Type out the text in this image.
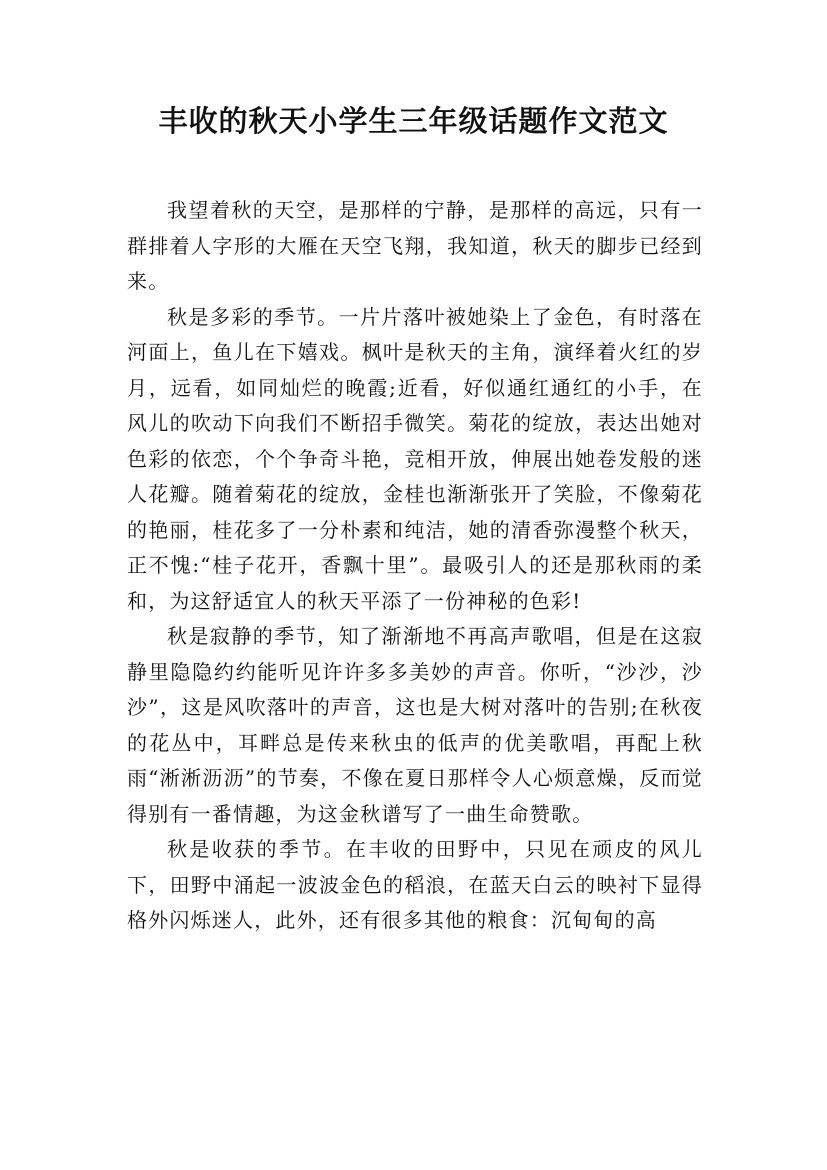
丰收的秋天小学生三年级话题作文范文

我望着秋的天空，是那样的宁静，是那样的高远，只有一群排着人字形的大雁在天空飞翔，我知道，秋天的脚步已经到来。

秋是多彩的季节。一片片落叶被她染上了金色，有时落在河面上，鱼儿在下嬉戏。枫叶是秋天的主角，演绎着火红的岁月，远看，如同灿烂的晚霞;近看，好似通红通红的小手，在风儿的吹动下向我们不断招手微笑。菊花的绽放，表达出她对色彩的依恋，个个争奇斗艳，竞相开放，伸展出她卷发般的迷人花瓣。随着菊花的绽放，金桂也渐渐张开了笑脸，不像菊花的艳丽，桂花多了一分朴素和纯洁，她的清香弥漫整个秋天，正不愧:“桂子花开，香飘十里”。最吸引人的还是那秋雨的柔和，为这舒适宜人的秋天平添了一份神秘的色彩!

秋是寂静的季节，知了渐渐地不再高声歌唱，但是在这寂静里隐隐约约能听见许许多多美妙的声音。你听，“沙沙，沙沙”，这是风吹落叶的声音，这也是大树对落叶的告别;在秋夜的花丛中，耳畔总是传来秋虫的低声的优美歌唱，再配上秋雨“淅淅沥沥”的节奏，不像在夏日那样令人心烦意燥，反而觉得别有一番情趣，为这金秋谱写了一曲生命赞歌。

秋是收获的季节。在丰收的田野中，只见在顽皮的风儿下，田野中涌起一波波金色的稻浪，在蓝天白云的映衬下显得格外闪烁迷人，此外，还有很多其他的粮食：沉甸甸的高
